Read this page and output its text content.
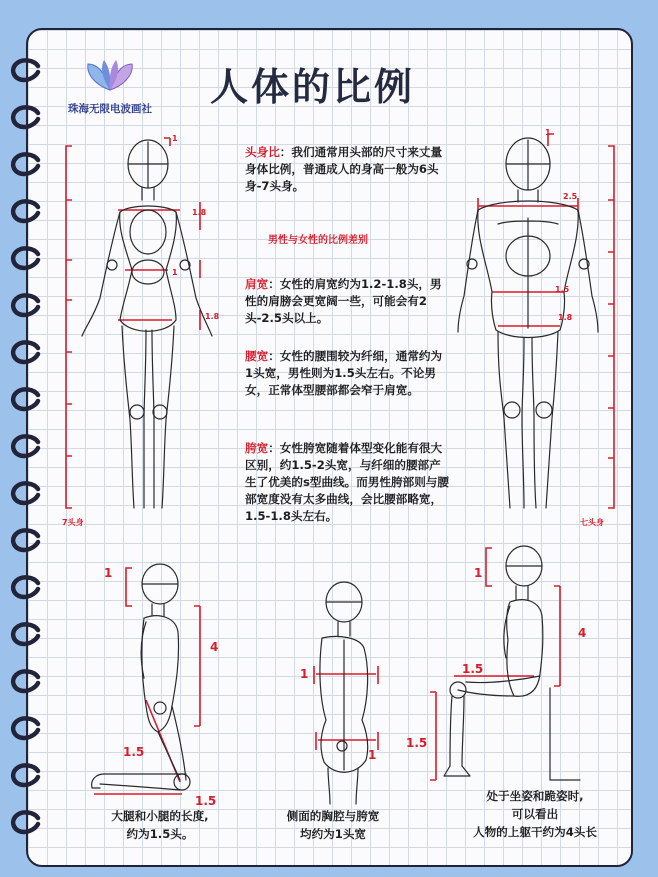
珠海无限电波画社 人体的比例
头身比：我们通常用头部的尺寸来丈量身体比例，普通成人的身高一般为6头身-7头身。
男性与女性的比例差别
肩宽：女性的肩宽约为1.2-1.8头，男性的肩膀会更宽阔一些，可能会有2头-2.5头以上。
腰宽：女性的腰围较为纤细，通常约为1头宽，男性则为1.5头左右。不论男女，正常体型腰部都会窄于肩宽。
胯宽：女性胯宽随着体型变化能有很大区别，约1.5-2头宽，与纤细的腰部产生了优美的s型曲线。而男性胯部则与腰部宽度没有太多曲线，会比腰部略宽，1.5-1.8头左右。
1
1.8
1
1.8
7头身
1
2.5
1.5
1.8
七头身
1
4
1.5
1.5
大腿和小腿的长度,
约为1.5头。
1
1
侧面的胸腔与胯宽
均约为1头宽
1
4
1.5
1.5
处于坐姿和跪姿时,
可以看出
人物的上躯干约为4头长
